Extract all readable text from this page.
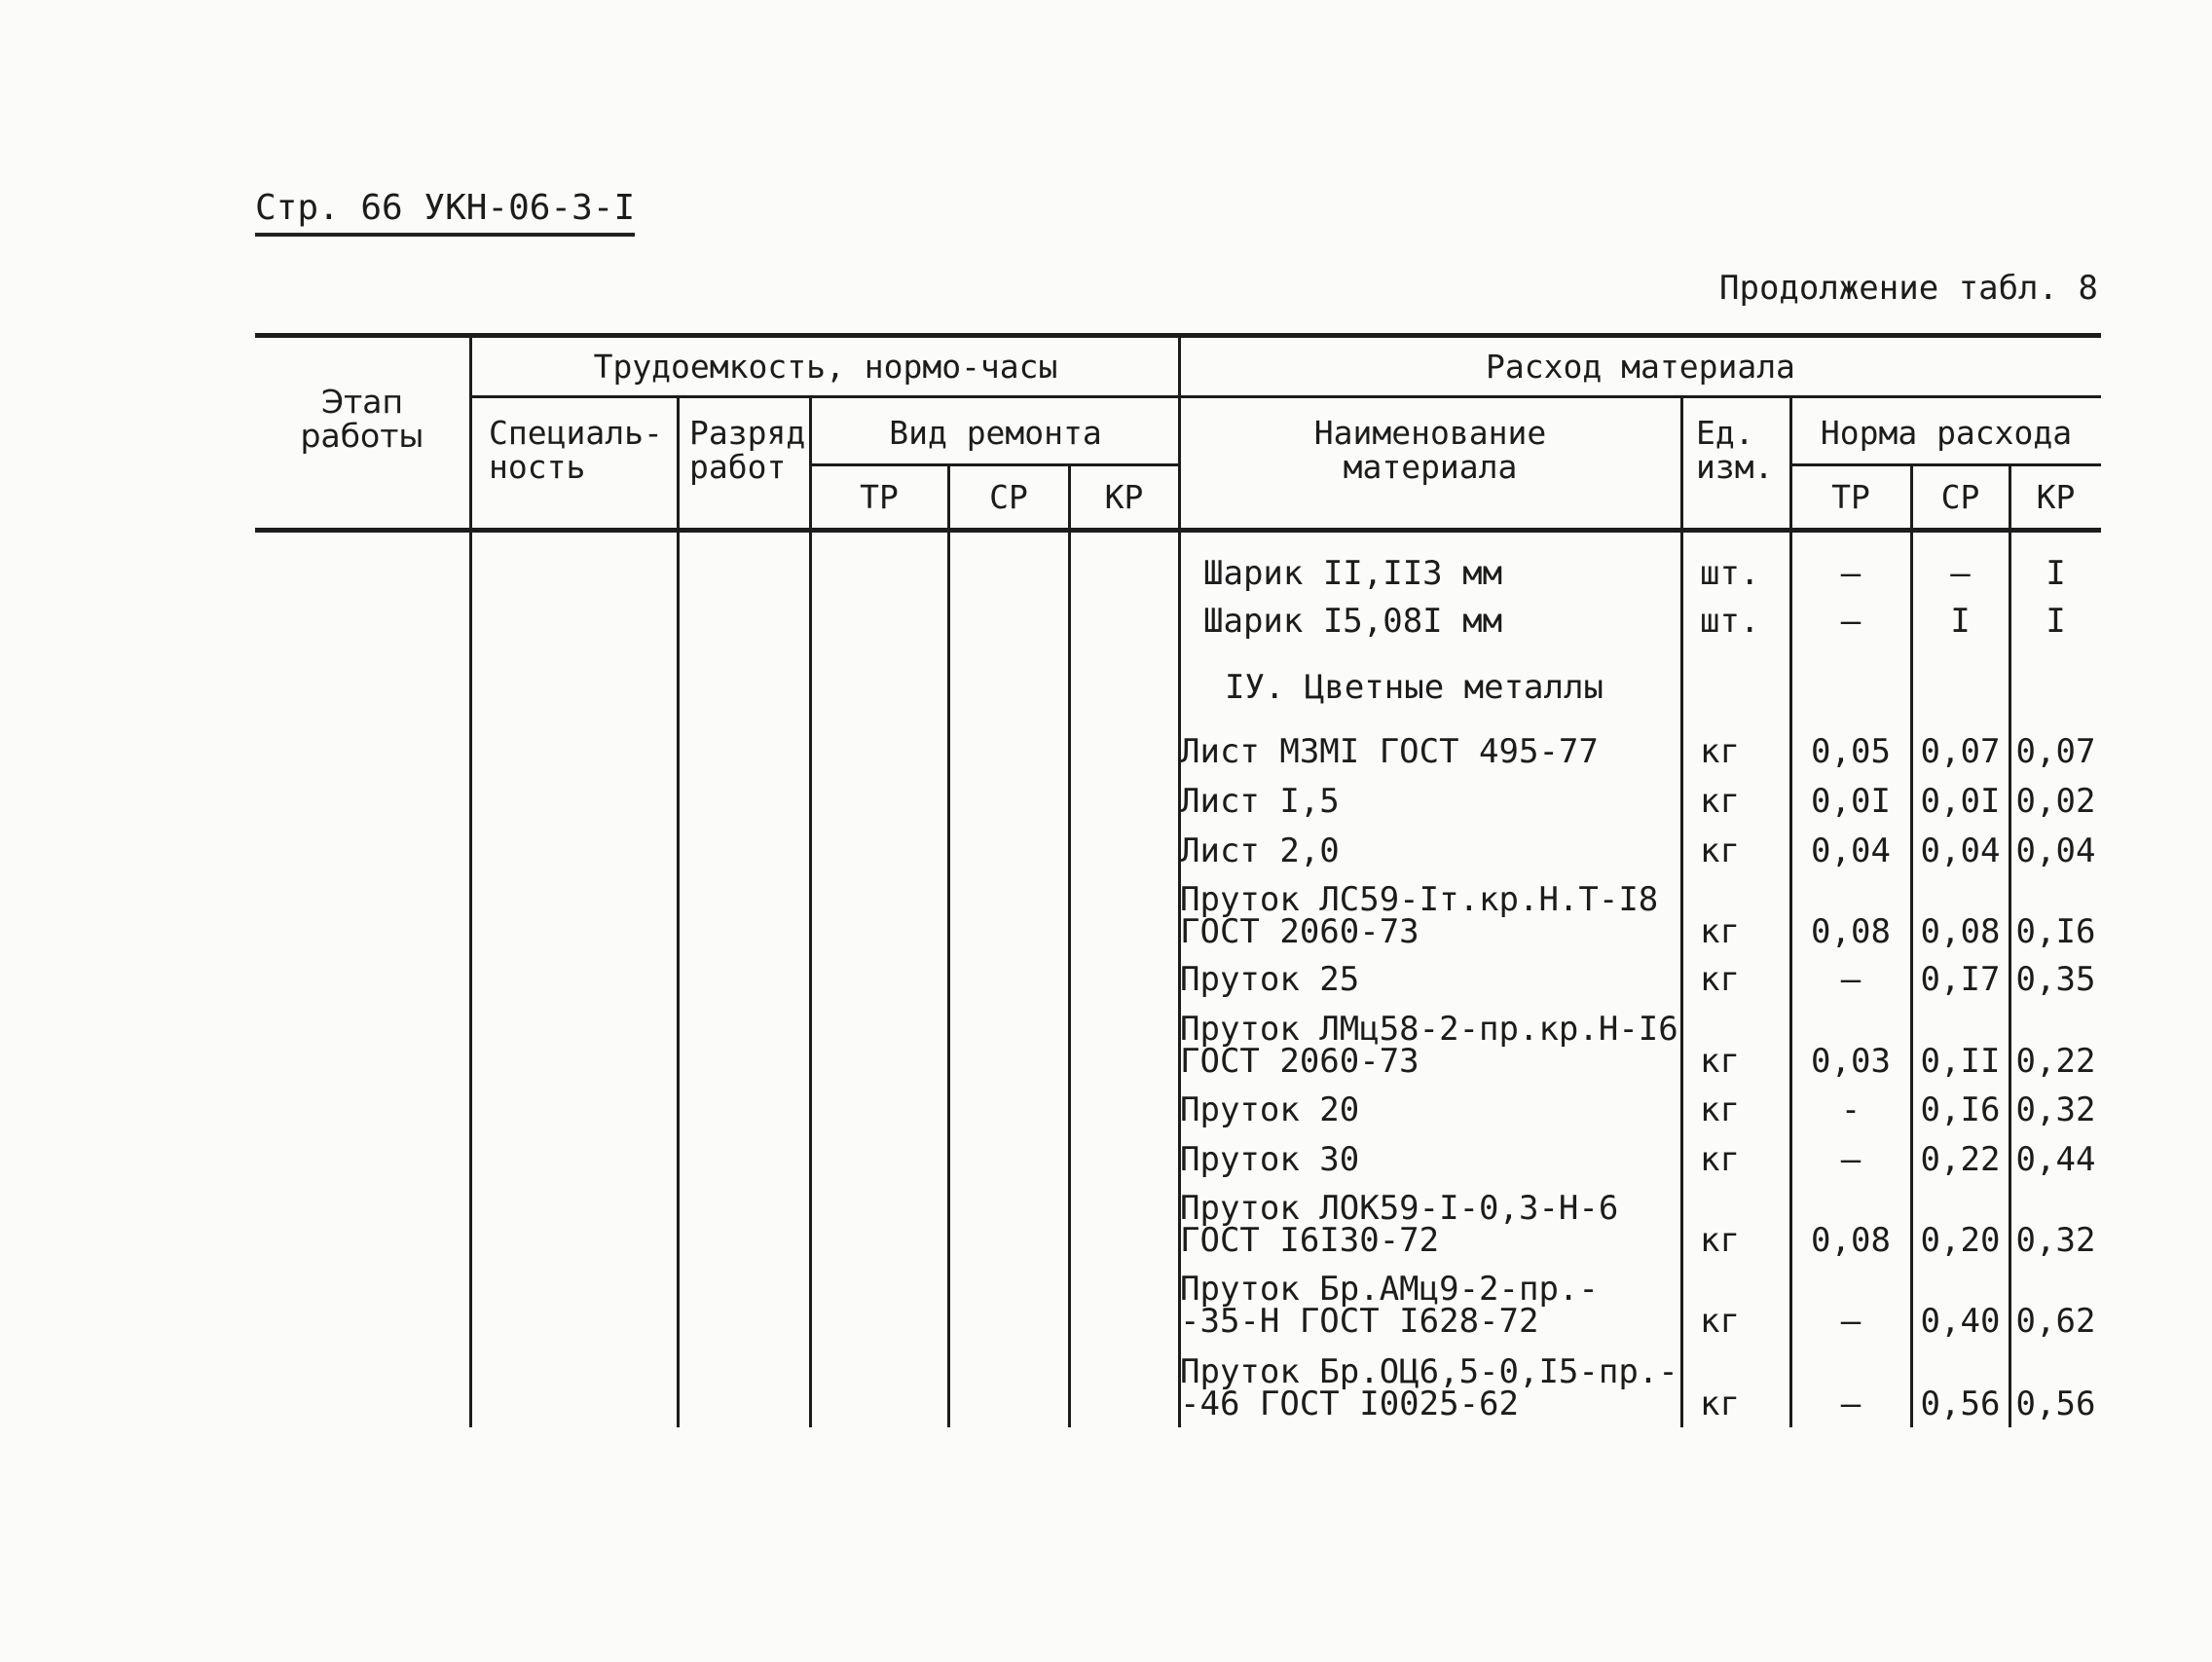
Стр. 66 УКН-06-3-I
Продолжение табл. 8
Этап
работы
Трудоемкость, нормо-часы
Специаль-
ность
Разряд
работ
Вид ремонта
ТР	СР	КР
Расход материала
Наименование
материала
Ед.
изм.
Норма расхода
ТР	СР	КР
Шарик II,II3 мм	шт.	–	–	I
Шарик I5,08I мм	шт.	–	I	I
IУ. Цветные металлы
Лист М3МI ГОСТ 495-77	кг	0,05 0,07 0,07
Лист I,5	кг	0,0I 0,0I 0,02
Лист 2,0	кг	0,04 0,04 0,04
Пруток ЛС59-Iт.кр.Н.Т-I8
ГОСТ 2060-73	кг	0,08 0,08 0,I6
Пруток 25	кг	–	0,I7 0,35
Пруток ЛМц58-2-пр.кр.Н-I6
ГОСТ 2060-73	кг	0,03 0,II 0,22
Пруток 20	кг	-	0,I6 0,32
Пруток 30	кг	–	0,22 0,44
Пруток ЛОК59-I-0,3-Н-6
ГОСТ I6I30-72	кг	0,08 0,20 0,32
Пруток Бр.АМц9-2-пр.-
-35-Н ГОСТ I628-72	кг	–	0,40 0,62
Пруток Бр.ОЦ6,5-0,I5-пр.-
-46 ГОСТ I0025-62	кг	–	0,56 0,56
